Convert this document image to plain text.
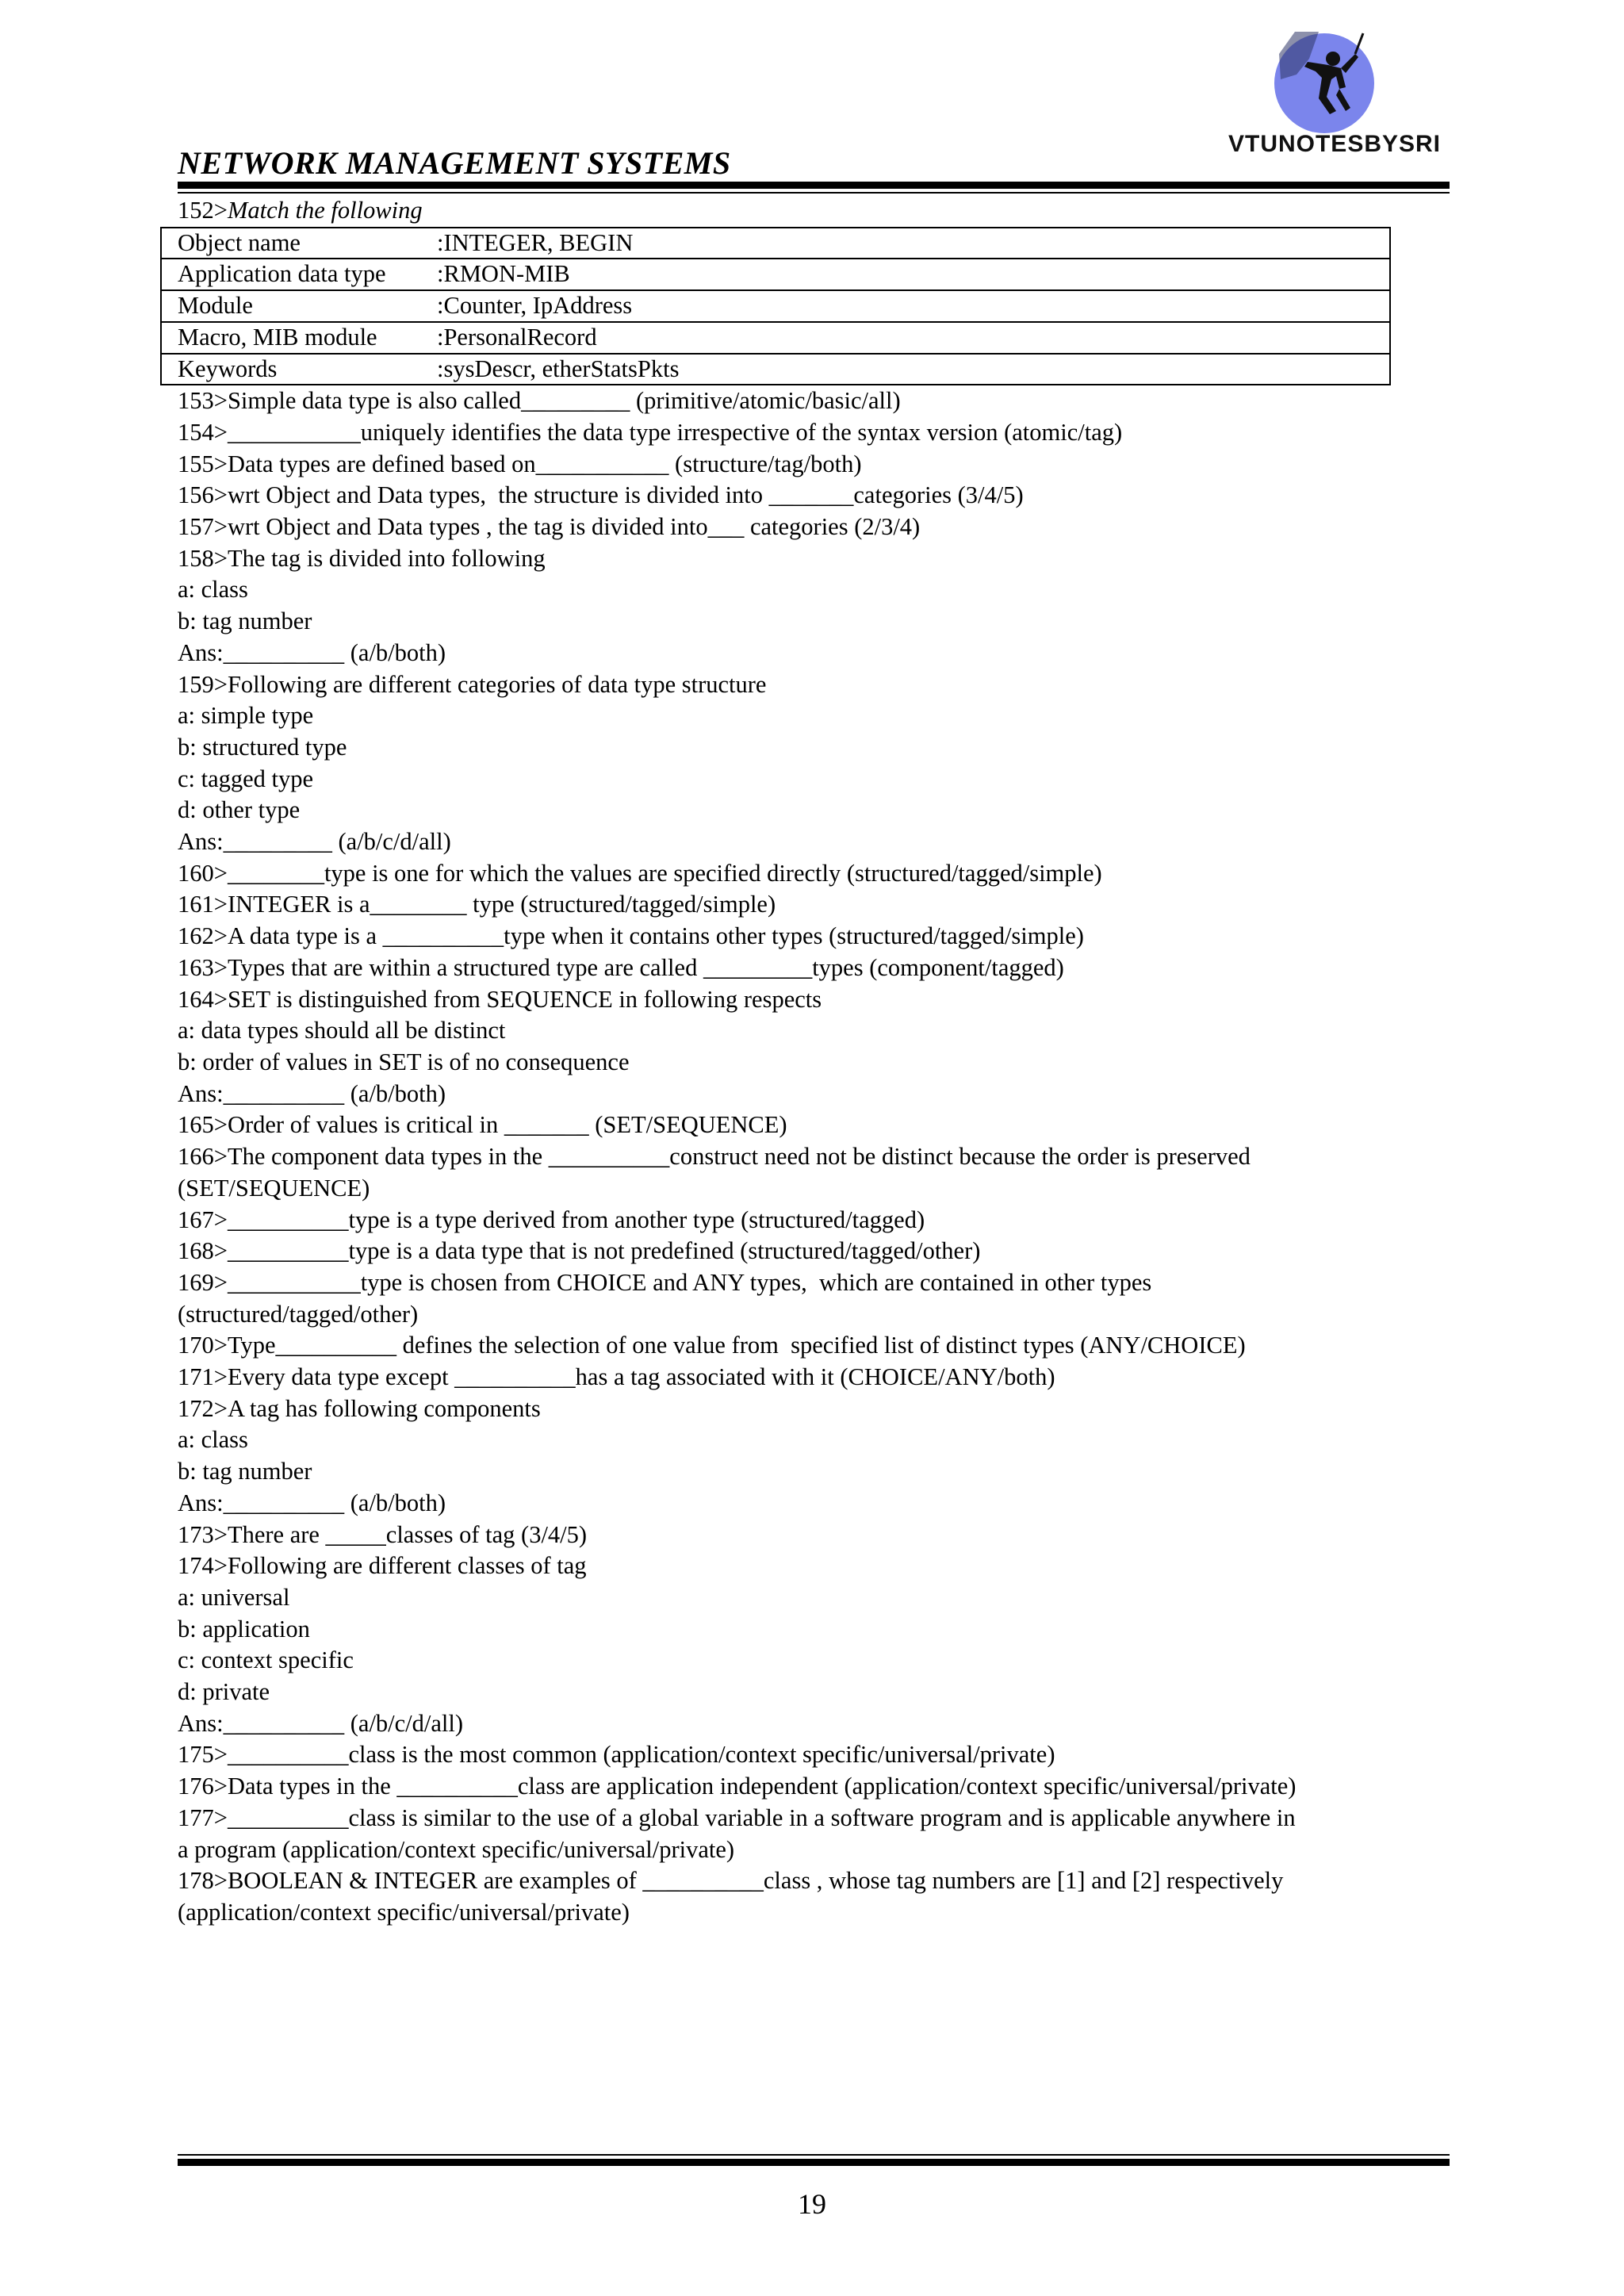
VTUNOTESBYSRI
NETWORK MANAGEMENT SYSTEMS

152>Match the following

Object name	:INTEGER, BEGIN
Application data type :RMON-MIB
Module	:Counter, IpAddress
Macro, MIB module :PersonalRecord
Keywords	:sysDescr, etherStatsPkts

153>Simple data type is also called_________ (primitive/atomic/basic/all)

154>___________uniquely identifies the data type irrespective of the syntax version (atomic/tag)

155>Data types are defined based on___________ (structure/tag/both)

156>wrt Object and Data types,  the structure is divided into _______categories (3/4/5)

157>wrt Object and Data types , the tag is divided into___ categories (2/3/4)

158>The tag is divided into following

a: class

b: tag number

Ans:__________ (a/b/both)

159>Following are different categories of data type structure

a: simple type

b: structured type

c: tagged type

d: other type

Ans:_________ (a/b/c/d/all)

160>________type is one for which the values are specified directly (structured/tagged/simple)

161>INTEGER is a________ type (structured/tagged/simple)

162>A data type is a __________type when it contains other types (structured/tagged/simple)

163>Types that are within a structured type are called _________types (component/tagged)

164>SET is distinguished from SEQUENCE in following respects

a: data types should all be distinct

b: order of values in SET is of no consequence

Ans:__________ (a/b/both)

165>Order of values is critical in _______ (SET/SEQUENCE)

166>The component data types in the __________construct need not be distinct because the order is preserved

(SET/SEQUENCE)

167>__________type is a type derived from another type (structured/tagged)

168>__________type is a data type that is not predefined (structured/tagged/other)

169>___________type is chosen from CHOICE and ANY types,  which are contained in other types

(structured/tagged/other)

170>Type__________ defines the selection of one value from  specified list of distinct types (ANY/CHOICE)

171>Every data type except __________has a tag associated with it (CHOICE/ANY/both)

172>A tag has following components

a: class

b: tag number

Ans:__________ (a/b/both)

173>There are _____classes of tag (3/4/5)

174>Following are different classes of tag

a: universal

b: application

c: context specific

d: private

Ans:__________ (a/b/c/d/all)

175>__________class is the most common (application/context specific/universal/private)

176>Data types in the __________class are application independent (application/context specific/universal/private)

177>__________class is similar to the use of a global variable in a software program and is applicable anywhere in

a program (application/context specific/universal/private)

178>BOOLEAN & INTEGER are examples of __________class , whose tag numbers are [1] and [2] respectively

(application/context specific/universal/private)

19
